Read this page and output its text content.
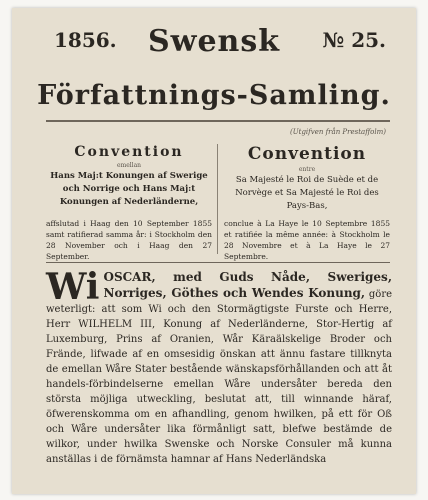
1856.	Swensk	№ 25.
Författnings-Samling.
(Utgifven från Prestaffolm)
Convention
emellan
Hans Maj:t Konungen af Swerige och Norrige och Hans Maj:t Konungen af Nederländerne,
Convention
entre
Sa Majesté le Roi de Suède et de Norvège et Sa Majesté le Roi des Pays-Bas,
affslutad i Haag den 10 September 1855 samt ratifierad samma år: i Stockholm den 28 November och i Haag den 27 September.
conclue à La Haye le 10 Septembre 1855 et ratifiée la même année: à Stockholm le 28 Novembre et à La Haye le 27 Septembre.
Wi OSCAR, med Guds Nåde, Sweriges, Norriges, Göthes och Wendes Konung, göre weterligt: att som Wi och den Stormägtigste Furste och Herre, Herr WILHELM III, Konung af Nederländerne, Stor-Hertig af Luxemburg, Prins af Oranien, Wår Käraälskelige Broder och Frände, lifwade af en omsesidig önskan att ännu fastare tillknyta de emellan Wåre Stater bestående wänskapsförhållanden och att åt handels-förbindelserne emellan Wåre undersåter bereda den största möjliga utweckling, beslutat att, till winnande häraf, öfwerenskomma om en afhandling, genom hwilken, på ett för Oß och Wåre undersåter lika förmånligt satt, blefwe bestämde de wilkor, under hwilka Swenske och Norske Consuler må kunna anställas i de förnämsta hamnar af Hans Nederländska
